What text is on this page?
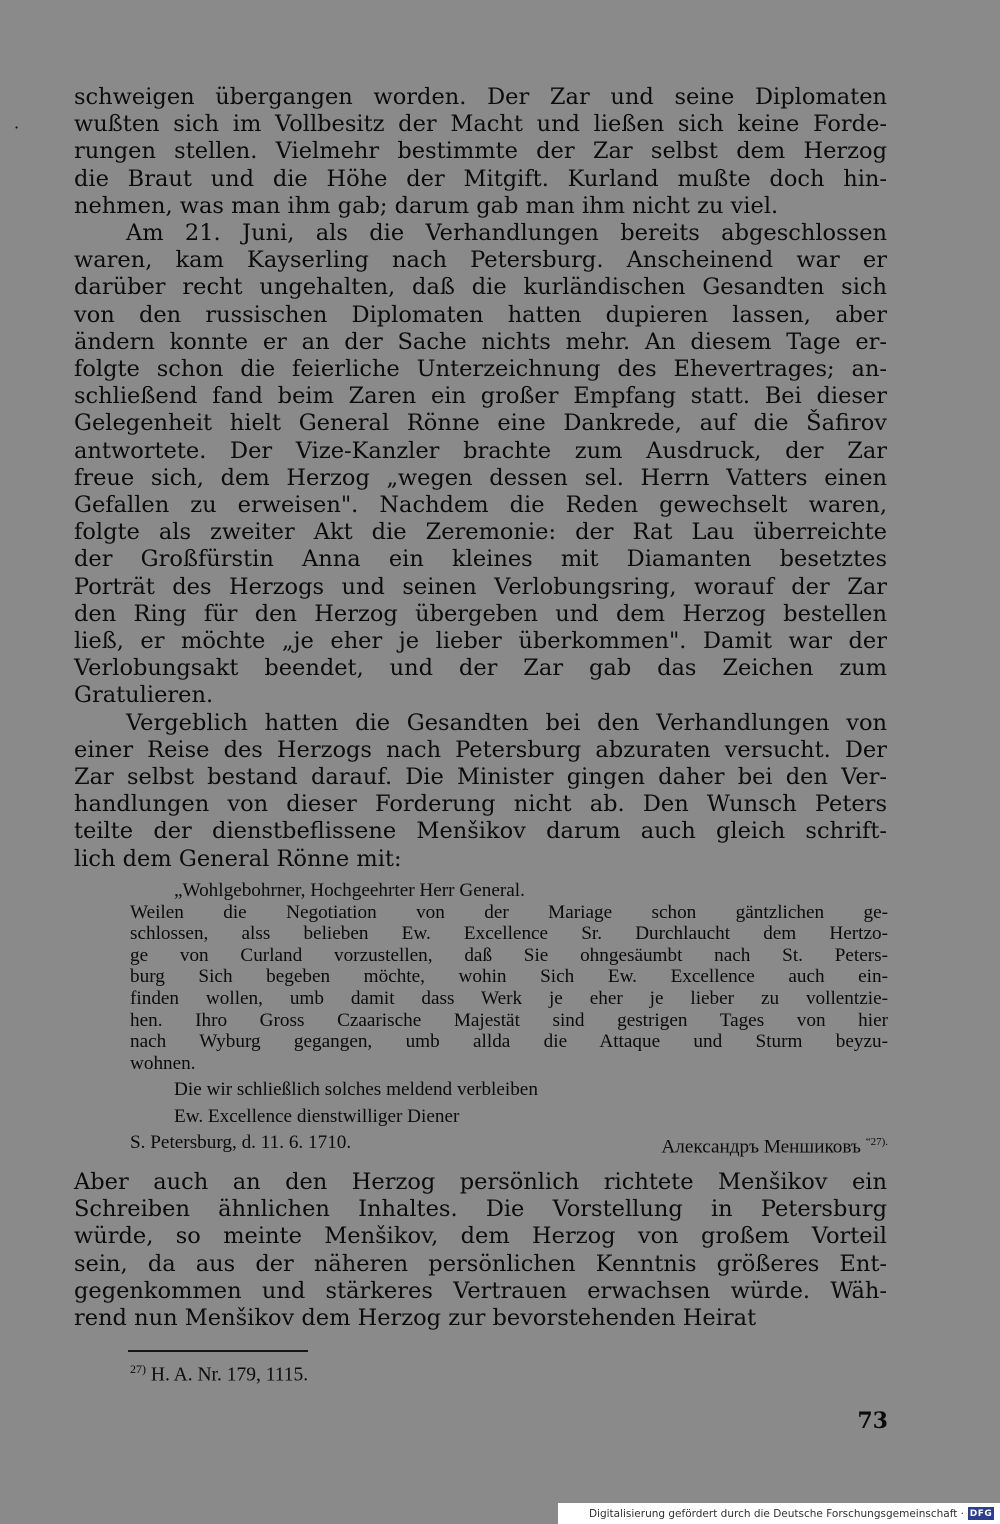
·
schweigen übergangen worden. Der Zar und seine Diplomaten
wußten sich im Vollbesitz der Macht und ließen sich keine Forde-
rungen stellen. Vielmehr bestimmte der Zar selbst dem Herzog
die Braut und die Höhe der Mitgift. Kurland mußte doch hin-
nehmen, was man ihm gab; darum gab man ihm nicht zu viel.
Am 21. Juni, als die Verhandlungen bereits abgeschlossen
waren, kam Kayserling nach Petersburg. Anscheinend war er
darüber recht ungehalten, daß die kurländischen Gesandten sich
von den russischen Diplomaten hatten dupieren lassen, aber
ändern konnte er an der Sache nichts mehr. An diesem Tage er-
folgte schon die feierliche Unterzeichnung des Ehevertrages; an-
schließend fand beim Zaren ein großer Empfang statt. Bei dieser
Gelegenheit hielt General Rönne eine Dankrede, auf die Šafirov
antwortete. Der Vize-Kanzler brachte zum Ausdruck, der Zar
freue sich, dem Herzog „wegen dessen sel. Herrn Vatters einen
Gefallen zu erweisen". Nachdem die Reden gewechselt waren,
folgte als zweiter Akt die Zeremonie: der Rat Lau überreichte
der Großfürstin Anna ein kleines mit Diamanten besetztes
Porträt des Herzogs und seinen Verlobungsring, worauf der Zar
den Ring für den Herzog übergeben und dem Herzog bestellen
ließ, er möchte „je eher je lieber überkommen". Damit war der
Verlobungsakt beendet, und der Zar gab das Zeichen zum
Gratulieren.
Vergeblich hatten die Gesandten bei den Verhandlungen von
einer Reise des Herzogs nach Petersburg abzuraten versucht. Der
Zar selbst bestand darauf. Die Minister gingen daher bei den Ver-
handlungen von dieser Forderung nicht ab. Den Wunsch Peters
teilte der dienstbeflissene Menšikov darum auch gleich schrift-
lich dem General Rönne mit:
„Wohlgebohrner, Hochgeehrter Herr General.
Weilen die Negotiation von der Mariage schon gäntzlichen ge-
schlossen, alss belieben Ew. Excellence Sr. Durchlaucht dem Hertzo-
ge von Curland vorzustellen, daß Sie ohngesäumbt nach St. Peters-
burg Sich begeben möchte, wohin Sich Ew. Excellence auch ein-
finden wollen, umb damit dass Werk je eher je lieber zu vollentzie-
hen. Ihro Gross Czaarische Majestät sind gestrigen Tages von hier
nach Wyburg gegangen, umb allda die Attaque und Sturm beyzu-
wohnen.
Die wir schließlich solches meldend verbleiben
Ew. Excellence dienstwilliger Diener
S. Petersburg, d. 11. 6. 1710.	Александръ Меншиковъ $^{“27).}$
Aber auch an den Herzog persönlich richtete Menšikov ein
Schreiben ähnlichen Inhaltes. Die Vorstellung in Petersburg
würde, so meinte Menšikov, dem Herzog von großem Vorteil
sein, da aus der näheren persönlichen Kenntnis größeres Ent-
gegenkommen und stärkeres Vertrauen erwachsen würde. Wäh-
rend nun Menšikov dem Herzog zur bevorstehenden Heirat
$^{27)}$ H. A. Nr. 179, 1115.
73
Digitalisierung gefördert durch die Deutsche Forschungsgemeinschaft · DFG
